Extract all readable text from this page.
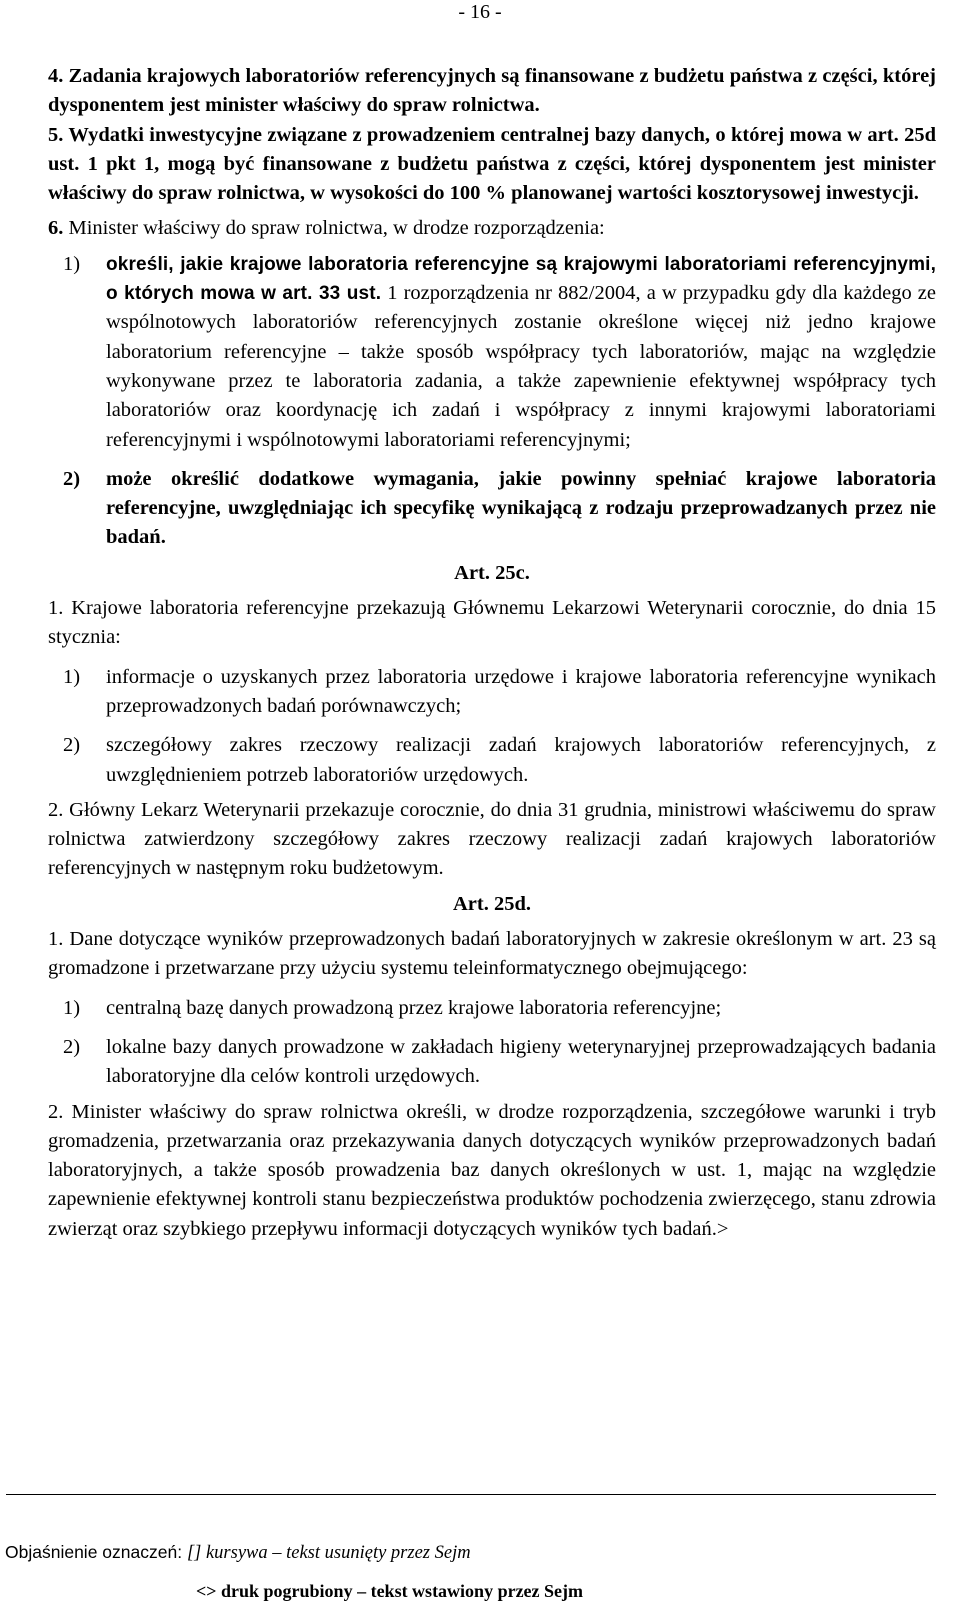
- 16 -

4. Zadania krajowych laboratoriów referencyjnych są finansowane z budżetu państwa z części, której dysponentem jest minister właściwy do spraw rolnictwa.

5. Wydatki inwestycyjne związane z prowadzeniem centralnej bazy danych, o której mowa w art. 25d ust. 1 pkt 1, mogą być finansowane z budżetu państwa z części, której dysponentem jest minister właściwy do spraw rolnictwa, w wysokości do 100 % planowanej wartości kosztorysowej inwestycji.

6. Minister właściwy do spraw rolnictwa, w drodze rozporządzenia:

1) określi, jakie krajowe laboratoria referencyjne są krajowymi laboratoriami referencyjnymi, o których mowa w art. 33 ust. 1 rozporządzenia nr 882/2004, a w przypadku gdy dla każdego ze wspólnotowych laboratoriów referencyjnych zostanie określone więcej niż jedno krajowe laboratorium referencyjne – także sposób współpracy tych laboratoriów, mając na względzie wykonywane przez te laboratoria zadania, a także zapewnienie efektywnej współpracy tych laboratoriów oraz koordynację ich zadań i współpracy z innymi krajowymi laboratoriami referencyjnymi i wspólnotowymi laboratoriami referencyjnymi;

2) może określić dodatkowe wymagania, jakie powinny spełniać krajowe laboratoria referencyjne, uwzględniając ich specyfikę wynikającą z rodzaju przeprowadzanych przez nie badań.

Art. 25c.

1. Krajowe laboratoria referencyjne przekazują Głównemu Lekarzowi Weterynarii corocznie, do dnia 15 stycznia:

1) informacje o uzyskanych przez laboratoria urzędowe i krajowe laboratoria referencyjne wynikach przeprowadzonych badań porównawczych;

2) szczegółowy zakres rzeczowy realizacji zadań krajowych laboratoriów referencyjnych, z uwzględnieniem potrzeb laboratoriów urzędowych.

2. Główny Lekarz Weterynarii przekazuje corocznie, do dnia 31 grudnia, ministrowi właściwemu do spraw rolnictwa zatwierdzony szczegółowy zakres rzeczowy realizacji zadań krajowych laboratoriów referencyjnych w następnym roku budżetowym.

Art. 25d.

1. Dane dotyczące wyników przeprowadzonych badań laboratoryjnych w zakresie określonym w art. 23 są gromadzone i przetwarzane przy użyciu systemu teleinformatycznego obejmującego:

1) centralną bazę danych prowadzoną przez krajowe laboratoria referencyjne;

2) lokalne bazy danych prowadzone w zakładach higieny weterynaryjnej przeprowadzających badania laboratoryjne dla celów kontroli urzędowych.

2. Minister właściwy do spraw rolnictwa określi, w drodze rozporządzenia, szczegółowe warunki i tryb gromadzenia, przetwarzania oraz przekazywania danych dotyczących wyników przeprowadzonych badań laboratoryjnych, a także sposób prowadzenia baz danych określonych w ust. 1, mając na względzie zapewnienie efektywnej kontroli stanu bezpieczeństwa produktów pochodzenia zwierzęcego, stanu zdrowia zwierząt oraz szybkiego przepływu informacji dotyczących wyników tych badań.>

Objaśnienie oznaczeń: [] kursywa – tekst usunięty przez Sejm
<> druk pogrubiony – tekst wstawiony przez Sejm
